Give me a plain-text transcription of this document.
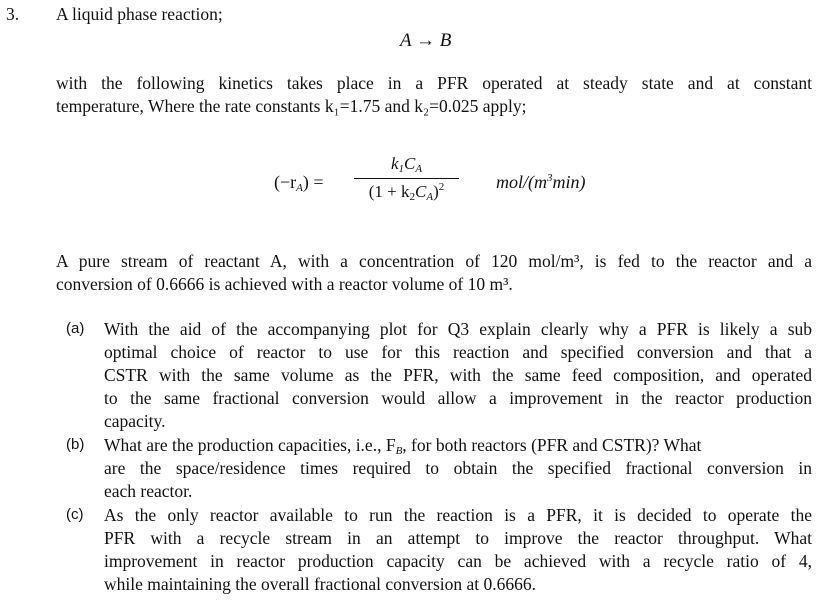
3. A liquid phase reaction;
A → B
with the following kinetics takes place in a PFR operated at steady state and at constant
temperature, Where the rate constants k₁=1.75 and k₂=0.025 apply;
$(-r_A)$ =
$k_1C_A$
$(1 + k_2C_A)^2$	mol/$(m^3\min)$
A pure stream of reactant A, with a concentration of 120 mol/m³, is fed to the reactor and a
conversion of 0.6666 is achieved with a reactor volume of 10 m³.
(a) With the aid of the accompanying plot for Q3 explain clearly why a PFR is likely a sub
optimal choice of reactor to use for this reaction and specified conversion and that a
CSTR with the same volume as the PFR, with the same feed composition, and operated
to the same fractional conversion would allow a improvement in the reactor production
capacity.
(b) What are the production capacities, i.e., $F_B$, for both reactors (PFR and CSTR)? What
are the space/residence times required to obtain the specified fractional conversion in
each reactor.
(c) As the only reactor available to run the reaction is a PFR, it is decided to operate the
PFR with a recycle stream in an attempt to improve the reactor throughput. What
improvement in reactor production capacity can be achieved with a recycle ratio of 4,
while maintaining the overall fractional conversion at 0.6666.
